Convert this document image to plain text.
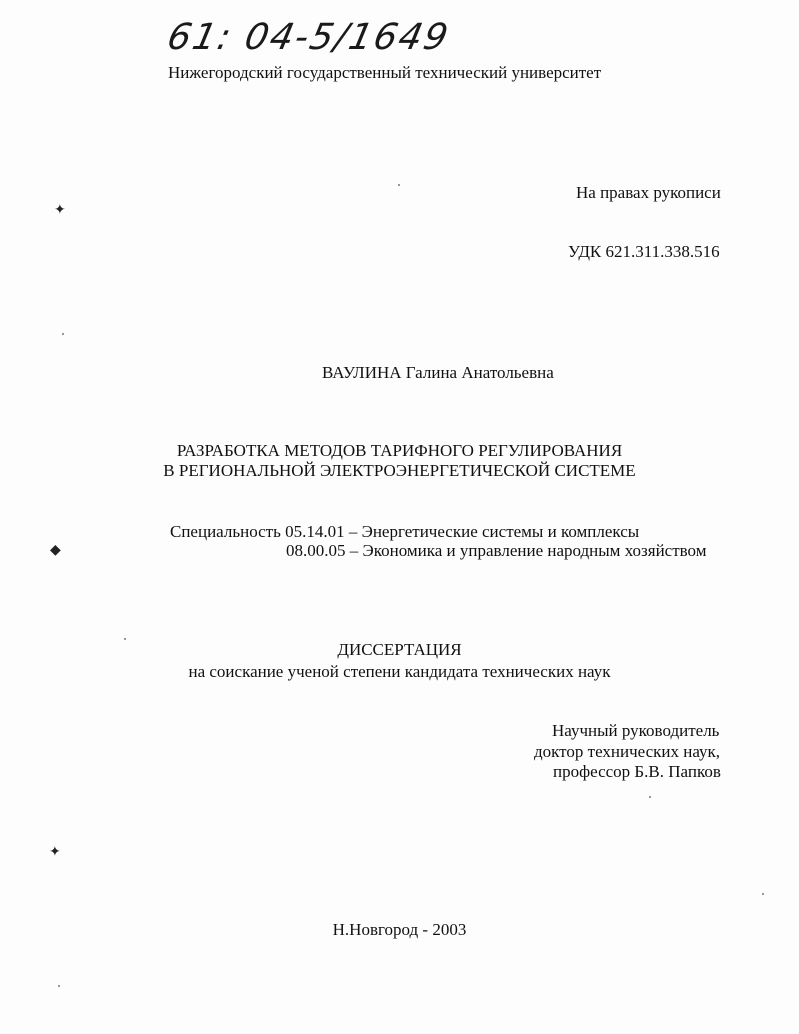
61: 04-5/1649
Нижегородский государственный технический университет
На правах рукописи
УДК 621.311.338.516
ВАУЛИНА Галина Анатольевна
РАЗРАБОТКА МЕТОДОВ ТАРИФНОГО РЕГУЛИРОВАНИЯ
В РЕГИОНАЛЬНОЙ ЭЛЕКТРОЭНЕРГЕТИЧЕСКОЙ СИСТЕМЕ
Специальность 05.14.01 – Энергетические системы и комплексы
08.00.05 – Экономика и управление народным хозяйством
ДИССЕРТАЦИЯ
на соискание ученой степени кандидата технических наук
Научный руководитель
доктор технических наук,
профессор Б.В. Папков
Н.Новгород - 2003
✦
◆
✦
